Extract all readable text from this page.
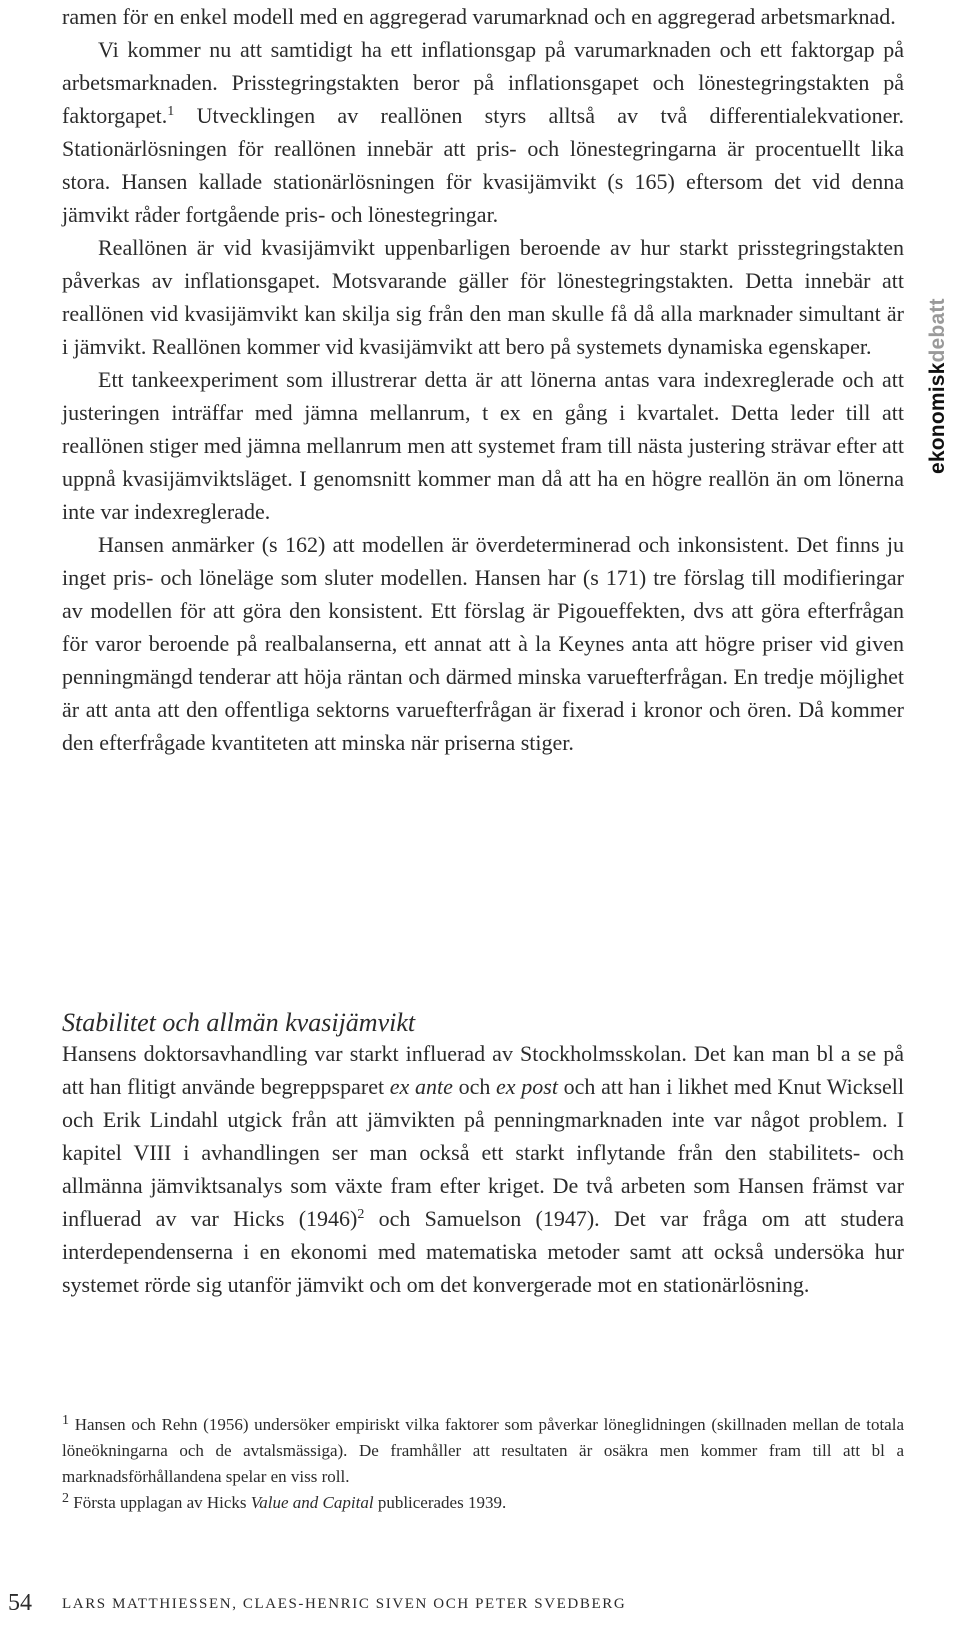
ramen för en enkel modell med en aggregerad varumarknad och en aggregerad arbetsmarknad.

Vi kommer nu att samtidigt ha ett inflationsgap på varumarknaden och ett faktorgap på arbetsmarknaden. Prisstegringstakten beror på inflationsgapet och lönestegringstakten på faktorgapet.$^1$ Utvecklingen av reallönen styrs alltså av två differentialekvationer. Stationärlösningen för reallönen innebär att pris- och lönestegringarna är procentuellt lika stora. Hansen kallade stationärlösningen för kvasijämvikt (s 165) eftersom det vid denna jämvikt råder fortgående pris- och lönestegringar.

Reallönen är vid kvasijämvikt uppenbarligen beroende av hur starkt prisstegringstakten påverkas av inflationsgapet. Motsvarande gäller för lönestegringstakten. Detta innebär att reallönen vid kvasijämvikt kan skilja sig från den man skulle få då alla marknader simultant är i jämvikt. Reallönen kommer vid kvasijämvikt att bero på systemets dynamiska egenskaper.

Ett tankeexperiment som illustrerar detta är att lönerna antas vara indexreglerade och att justeringen inträffar med jämna mellanrum, t ex en gång i kvartalet. Detta leder till att reallönen stiger med jämna mellanrum men att systemet fram till nästa justering strävar efter att uppnå kvasijämviktsläget. I genomsnitt kommer man då att ha en högre reallön än om lönerna inte var indexreglerade.

Hansen anmärker (s 162) att modellen är överdeterminerad och inkonsistent. Det finns ju inget pris- och löneläge som sluter modellen. Hansen har (s 171) tre förslag till modifieringar av modellen för att göra den konsistent. Ett förslag är Pigoueffekten, dvs att göra efterfrågan för varor beroende på realbalanserna, ett annat att à la Keynes anta att högre priser vid given penningmängd tenderar att höja räntan och därmed minska varuefterfrågan. En tredje möjlighet är att anta att den offentliga sektorns varuefterfrågan är fixerad i kronor och ören. Då kommer den efterfrågade kvantiteten att minska när priserna stiger.

Stabilitet och allmän kvasijämvikt

Hansens doktorsavhandling var starkt influerad av Stockholmsskolan. Det kan man bl a se på att han flitigt använde begreppsparet ex ante och ex post och att han i likhet med Knut Wicksell och Erik Lindahl utgick från att jämvikten på penningmarknaden inte var något problem. I kapitel VIII i avhandlingen ser man också ett starkt inflytande från den stabilitets- och allmänna jämviktsanalys som växte fram efter kriget. De två arbeten som Hansen främst var influerad av var Hicks $(1946)^2$ och Samuelson (1947). Det var fråga om att studera interdependenserna i en ekonomi med matematiska metoder samt att också undersöka hur systemet rörde sig utanför jämvikt och om det konvergerade mot en stationärlösning.

$^1$ Hansen och Rehn (1956) undersöker empiriskt vilka faktorer som påverkar löneglidningen (skillnaden mellan de totala löneökningarna och de avtalsmässiga). De framhåller att resultaten är osäkra men kommer fram till att bl a marknadsförhållandena spelar en viss roll.

$^2$ Första upplagan av Hicks Value and Capital publicerades 1939.

ekonomiskdebatt
54 LARS MATTHIESSEN, CLAES-HENRIC SIVEN OCH PETER SVEDBERG
